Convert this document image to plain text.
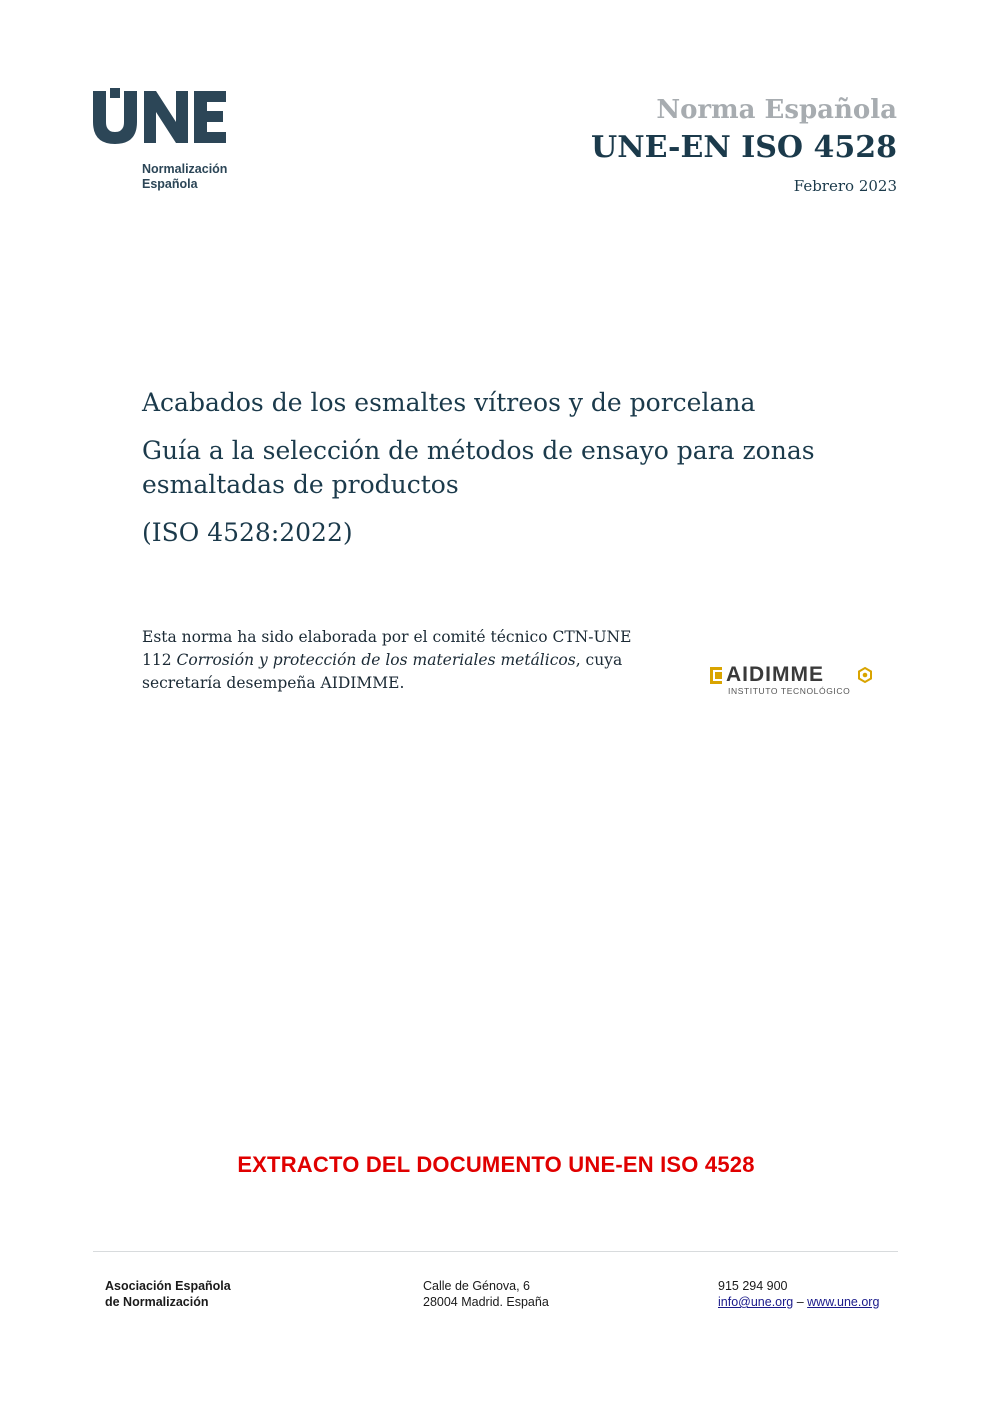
Normalización
Española
Norma Española
UNE-EN ISO 4528
Febrero 2023
Acabados de los esmaltes vítreos y de porcelana
Guía a la selección de métodos de ensayo para zonas esmaltadas de productos
(ISO 4528:2022)
Esta norma ha sido elaborada por el comité técnico CTN-UNE 112 Corrosión y protección de los materiales metálicos, cuya secretaría desempeña AIDIMME.	AIDIMME
INSTITUTO TECNOLÓGICO
EXTRACTO DEL DOCUMENTO UNE-EN ISO 4528
Asociación Española
de Normalización
Calle de Génova, 6
28004 Madrid. España
915 294 900
info@une.org – www.une.org
